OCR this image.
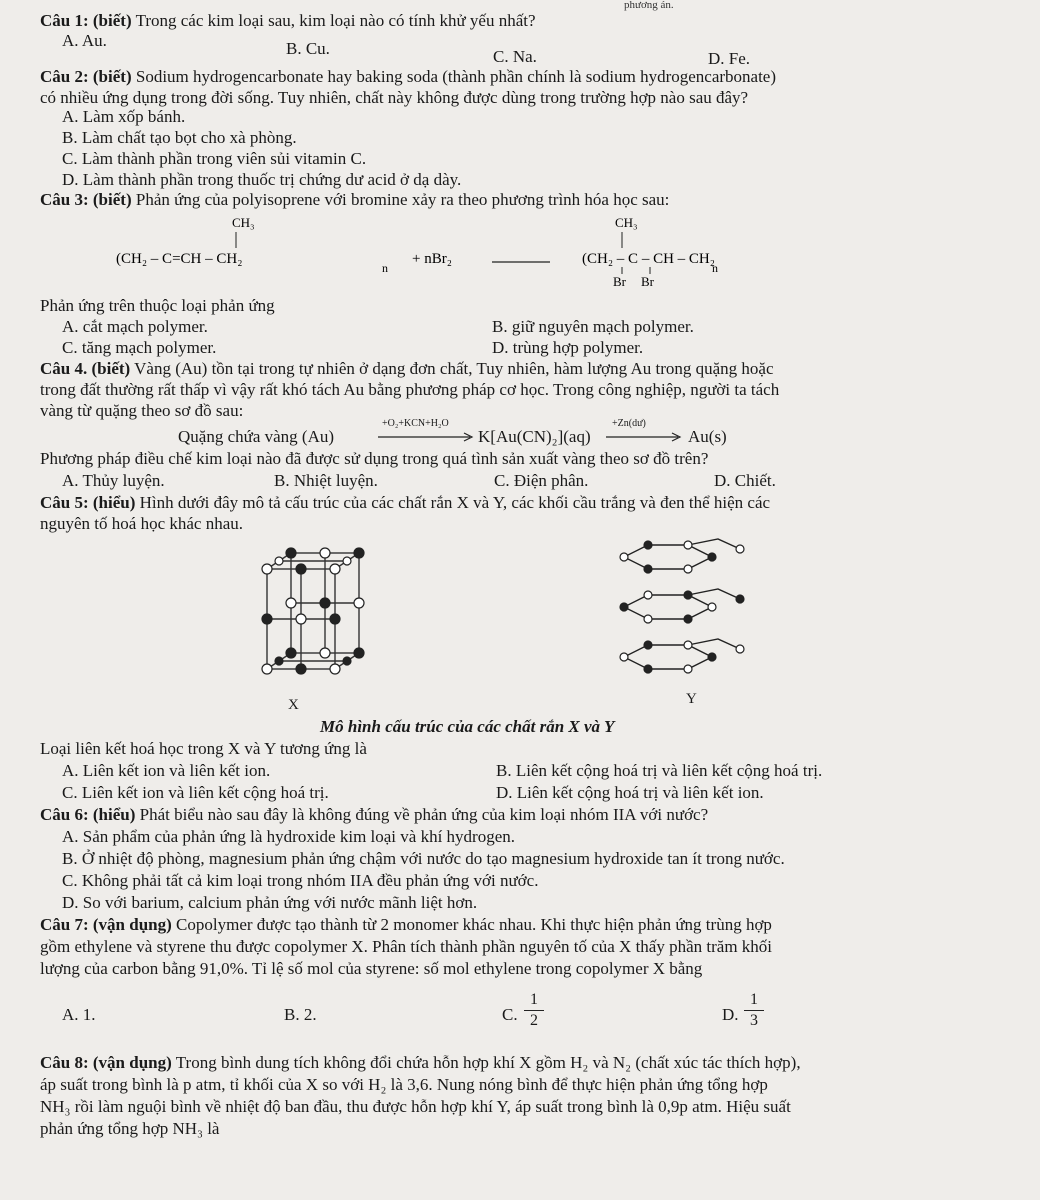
phương án.
Câu 1: (biết) Trong các kim loại sau, kim loại nào có tính khử yếu nhất?
A. Au.	B. Cu.	C. Na.	D. Fe.
Câu 2: (biết) Sodium hydrogencarbonate hay baking soda (thành phần chính là sodium hydrogencarbonate)
có nhiều ứng dụng trong đời sống. Tuy nhiên, chất này không được dùng trong trường hợp nào sau đây?
A. Làm xốp bánh.
B. Làm chất tạo bọt cho xà phòng.
C. Làm thành phần trong viên sủi vitamin C.
D. Làm thành phần trong thuốc trị chứng dư acid ở dạ dày.
Câu 3: (biết) Phản ứng của polyisoprene với bromine xảy ra theo phương trình hóa học sau:
CH₃
(CH₂ – C=CH – CH₂
n
+ nBr₂
CH₃
(CH₂ – C – CH – CH₂
n
Br Br
Phản ứng trên thuộc loại phản ứng
A. cắt mạch polymer.	B. giữ nguyên mạch polymer.
C. tăng mạch polymer.	D. trùng hợp polymer.
Câu 4. (biết) Vàng (Au) tồn tại trong tự nhiên ở dạng đơn chất, Tuy nhiên, hàm lượng Au trong quặng hoặc
trong đất thường rất thấp vì vậy rất khó tách Au bằng phương pháp cơ học. Trong công nghiệp, người ta tách
vàng từ quặng theo sơ đồ sau:
Quặng chứa vàng (Au)
+O₂+KCN+H₂O
K[Au(CN)₂](aq)
+Zn(dư)
Au(s)
Phương pháp điều chế kim loại nào đã được sử dụng trong quá tình sản xuất vàng theo sơ đồ trên?
A. Thủy luyện.	B. Nhiệt luyện.	C. Điện phân.	D. Chiết.
Câu 5: (hiểu) Hình dưới đây mô tả cấu trúc của các chất rắn X và Y, các khối cầu trắng và đen thể hiện các
nguyên tố hoá học khác nhau.
X	Y
Mô hình cấu trúc của các chất rắn X và Y
Loại liên kết hoá học trong X và Y tương ứng là
A. Liên kết ion và liên kết ion.	B. Liên kết cộng hoá trị và liên kết cộng hoá trị.
C. Liên kết ion và liên kết cộng hoá trị.	D. Liên kết cộng hoá trị và liên kết ion.
Câu 6: (hiểu) Phát biểu nào sau đây là không đúng về phản ứng của kim loại nhóm IIA với nước?
A. Sản phẩm của phản ứng là hydroxide kim loại và khí hydrogen.
B. Ở nhiệt độ phòng, magnesium phản ứng chậm với nước do tạo magnesium hydroxide tan ít trong nước.
C. Không phải tất cả kim loại trong nhóm IIA đều phản ứng với nước.
D. So với barium, calcium phản ứng với nước mãnh liệt hơn.
Câu 7: (vận dụng) Copolymer được tạo thành từ 2 monomer khác nhau. Khi thực hiện phản ứng trùng hợp
gồm ethylene và styrene thu được copolymer X. Phân tích thành phần nguyên tố của X thấy phần trăm khối
lượng của carbon bằng 91,0%. Tỉ lệ số mol của styrene: số mol ethylene trong copolymer X bằng
A. 1.	B. 2.	C. $\frac{1}{2}$	D. $\frac{1}{3}$
Câu 8: (vận dụng) Trong bình dung tích không đổi chứa hỗn hợp khí X gồm H₂ và N₂ (chất xúc tác thích hợp),
áp suất trong bình là p atm, tỉ khối của X so với H₂ là 3,6. Nung nóng bình để thực hiện phản ứng tổng hợp
NH₃ rồi làm nguội bình về nhiệt độ ban đầu, thu được hỗn hợp khí Y, áp suất trong bình là 0,9p atm. Hiệu suất
phản ứng tổng hợp NH₃ là
